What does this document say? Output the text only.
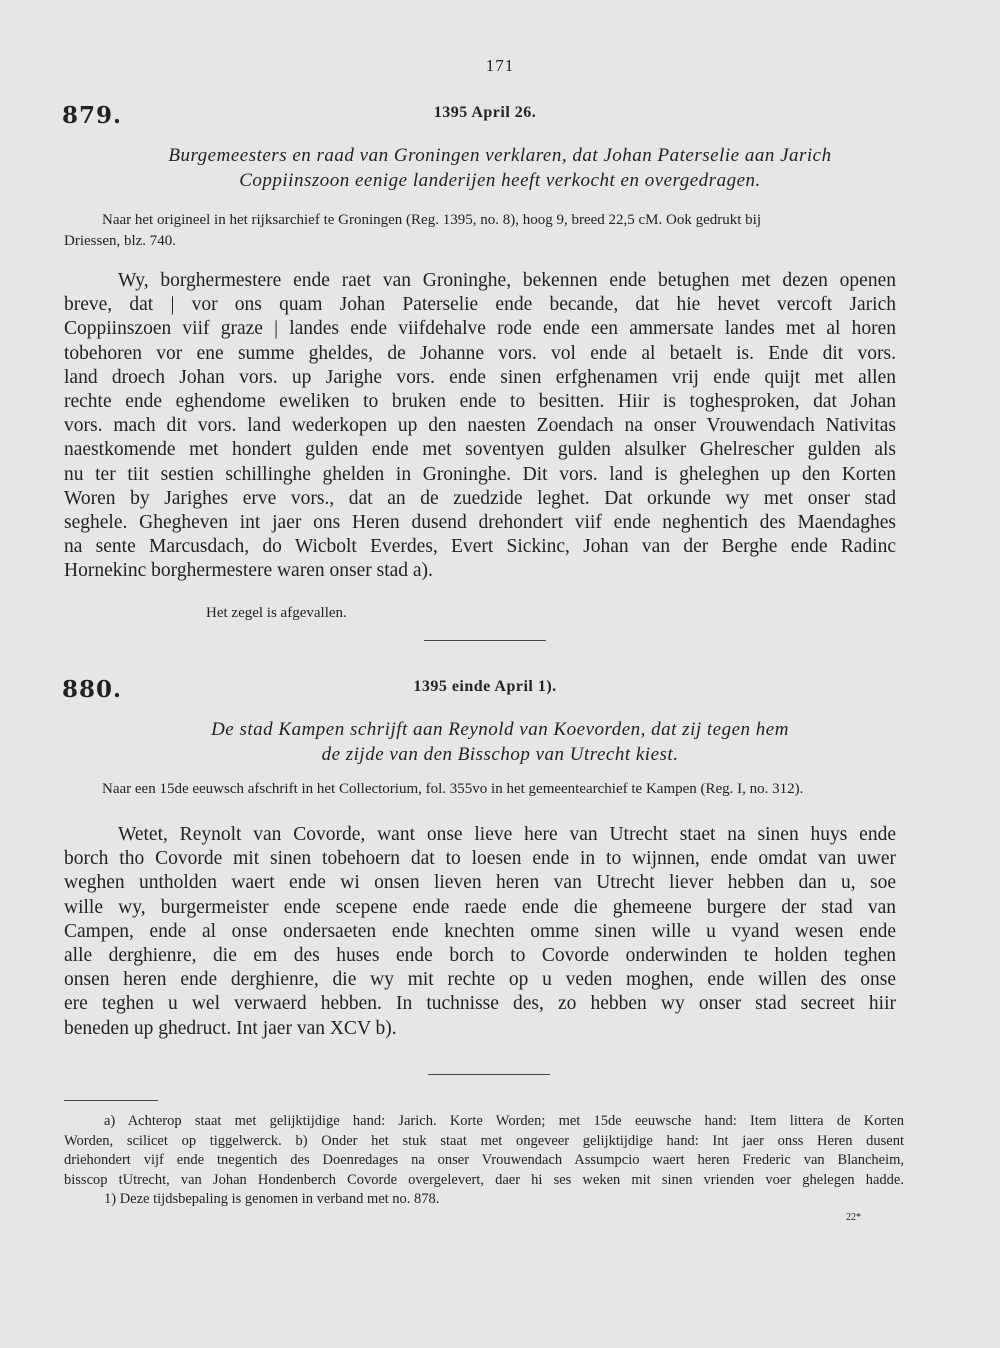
171
879.	1395 April 26.
Burgemeesters en raad van Groningen verklaren, dat Johan Paterselie aan Jarich
Coppiinszoon eenige landerijen heeft verkocht en overgedragen.
Naar het origineel in het rijksarchief te Groningen (Reg. 1395, no. 8), hoog 9, breed 22,5 cM. Ook gedrukt bij
Driessen, blz. 740.

Wy, borghermestere ende raet van Groninghe, bekennen ende betughen met dezen openen

breve, dat | vor ons quam Johan Paterselie ende becande, dat hie hevet vercoft Jarich

Coppiinszoen viif graze | landes ende viifdehalve rode ende een ammersate landes met al horen

tobehoren vor ene summe gheldes, de Johanne vors. vol ende al betaelt is. Ende dit vors.

land droech Johan vors. up Jarighe vors. ende sinen erfghenamen vrij ende quijt met allen

rechte ende eghendome eweliken to bruken ende to besitten. Hiir is toghesproken, dat Johan

vors. mach dit vors. land wederkopen up den naesten Zoendach na onser Vrouwendach Nativitas

naestkomende met hondert gulden ende met soventyen gulden alsulker Ghelrescher gulden als

nu ter tiit sestien schillinghe ghelden in Groninghe. Dit vors. land is gheleghen up den Korten

Woren by Jarighes erve vors., dat an de zuedzide leghet. Dat orkunde wy met onser stad

seghele. Ghegheven int jaer ons Heren dusend drehondert viif ende neghentich des Maendaghes

na sente Marcusdach, do Wicbolt Everdes, Evert Sickinc, Johan van der Berghe ende Radinc

Hornekinc borghermestere waren onser stad a).

Het zegel is afgevallen.
880.	1395 einde April 1).
De stad Kampen schrijft aan Reynold van Koevorden, dat zij tegen hem
de zijde van den Bisschop van Utrecht kiest.
Naar een 15de eeuwsch afschrift in het Collectorium, fol. 355vo in het gemeentearchief te Kampen (Reg. I, no. 312).

Wetet, Reynolt van Covorde, want onse lieve here van Utrecht staet na sinen huys ende

borch tho Covorde mit sinen tobehoern dat to loesen ende in to wijnnen, ende omdat van uwer

weghen untholden waert ende wi onsen lieven heren van Utrecht liever hebben dan u, soe

wille wy, burgermeister ende scepene ende raede ende die ghemeene burgere der stad van

Campen, ende al onse ondersaeten ende knechten omme sinen wille u vyand wesen ende

alle derghienre, die em des huses ende borch to Covorde onderwinden te holden teghen

onsen heren ende derghienre, die wy mit rechte op u veden moghen, ende willen des onse

ere teghen u wel verwaerd hebben. In tuchnisse des, zo hebben wy onser stad secreet hiir

beneden up ghedruct. Int jaer van XCV b).

a) Achterop staat met gelijktijdige hand: Jarich. Korte Worden; met 15de eeuwsche hand: Item littera de Korten

Worden, scilicet op tiggelwerck. b) Onder het stuk staat met ongeveer gelijktijdige hand: Int jaer onss Heren dusent

driehondert vijf ende tnegentich des Doenredages na onser Vrouwendach Assumpcio waert heren Frederic van Blancheim,

bisscop tUtrecht, van Johan Hondenberch Covorde overgelevert, daer hi ses weken mit sinen vrienden voer ghelegen hadde.

1) Deze tijdsbepaling is genomen in verband met no. 878.

22*
